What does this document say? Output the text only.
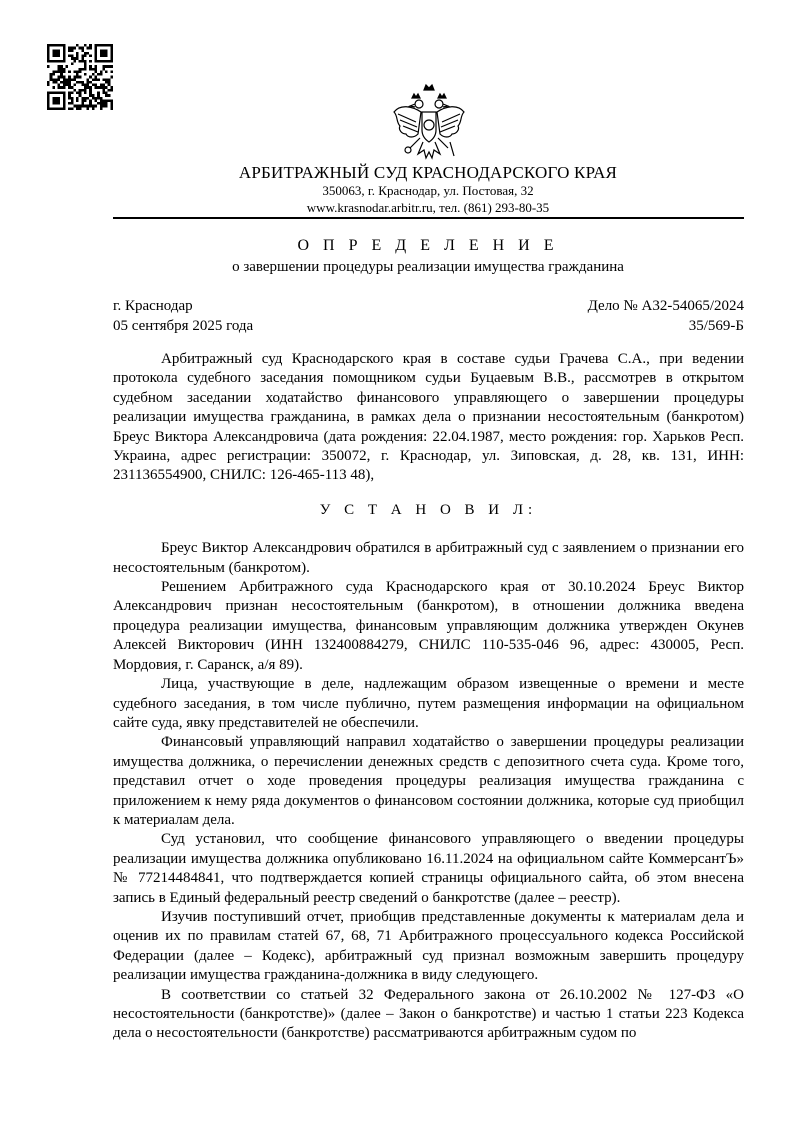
АРБИТРАЖНЫЙ СУД КРАСНОДАРСКОГО КРАЯ
350063, г. Краснодар, ул. Постовая, 32
www.krasnodar.arbitr.ru, тел. (861) 293-80-35
О П Р Е Д Е Л Е Н И Е
о завершении процедуры реализации имущества гражданина
г. Краснодар	Дело № А32-54065/2024
05 сентября 2025 года	35/569-Б

Арбитражный суд Краснодарского края в составе судьи Грачева С.А., при ведении протокола судебного заседания помощником судьи Буцаевым В.В., рассмотрев в открытом судебном заседании ходатайство финансового управляющего о завершении процедуры реализации имущества гражданина, в рамках дела о признании несостоятельным (банкротом) Бреус Виктора Александровича (дата рождения: 22.04.1987, место рождения: гор. Харьков Респ. Украина, адрес регистрации: 350072, г. Краснодар, ул. Зиповская, д. 28, кв. 131, ИНН: 231136554900, СНИЛС: 126-465-113 48),

У С Т А Н О В И Л:

Бреус Виктор Александрович обратился в арбитражный суд с заявлением о признании его несостоятельным (банкротом).

Решением Арбитражного суда Краснодарского края от 30.10.2024 Бреус Виктор Александрович признан несостоятельным (банкротом), в отношении должника введена процедура реализации имущества, финансовым управляющим должника утвержден Окунев Алексей Викторович (ИНН 132400884279, СНИЛС 110-535-046 96, адрес: 430005, Респ. Мордовия, г. Саранск, а/я 89).

Лица, участвующие в деле, надлежащим образом извещенные о времени и месте судебного заседания, в том числе публично, путем размещения информации на официальном сайте суда, явку представителей не обеспечили.

Финансовый управляющий направил ходатайство о завершении процедуры реализации имущества должника, о перечислении денежных средств с депозитного счета суда. Кроме того, представил отчет о ходе проведения процедуры реализация имущества гражданина с приложением к нему ряда документов о финансовом состоянии должника, которые суд приобщил к материалам дела.

Суд установил, что сообщение финансового управляющего о введении процедуры реализации имущества должника опубликовано 16.11.2024 на официальном сайте КоммерсантЪ» № 77214484841, что подтверждается копией страницы официального сайта, об этом внесена запись в Единый федеральный реестр сведений о банкротстве (далее – реестр).

Изучив поступивший отчет, приобщив представленные документы к материалам дела и оценив их по правилам статей 67, 68, 71 Арбитражного процессуального кодекса Российской Федерации (далее – Кодекс), арбитражный суд признал возможным завершить процедуру реализации имущества гражданина-должника в виду следующего.

В соответствии со статьей 32 Федерального закона от 26.10.2002 № 127-ФЗ «О несостоятельности (банкротстве)» (далее – Закон о банкротстве) и частью 1 статьи 223 Кодекса дела о несостоятельности (банкротстве) рассматриваются арбитражным судом по
